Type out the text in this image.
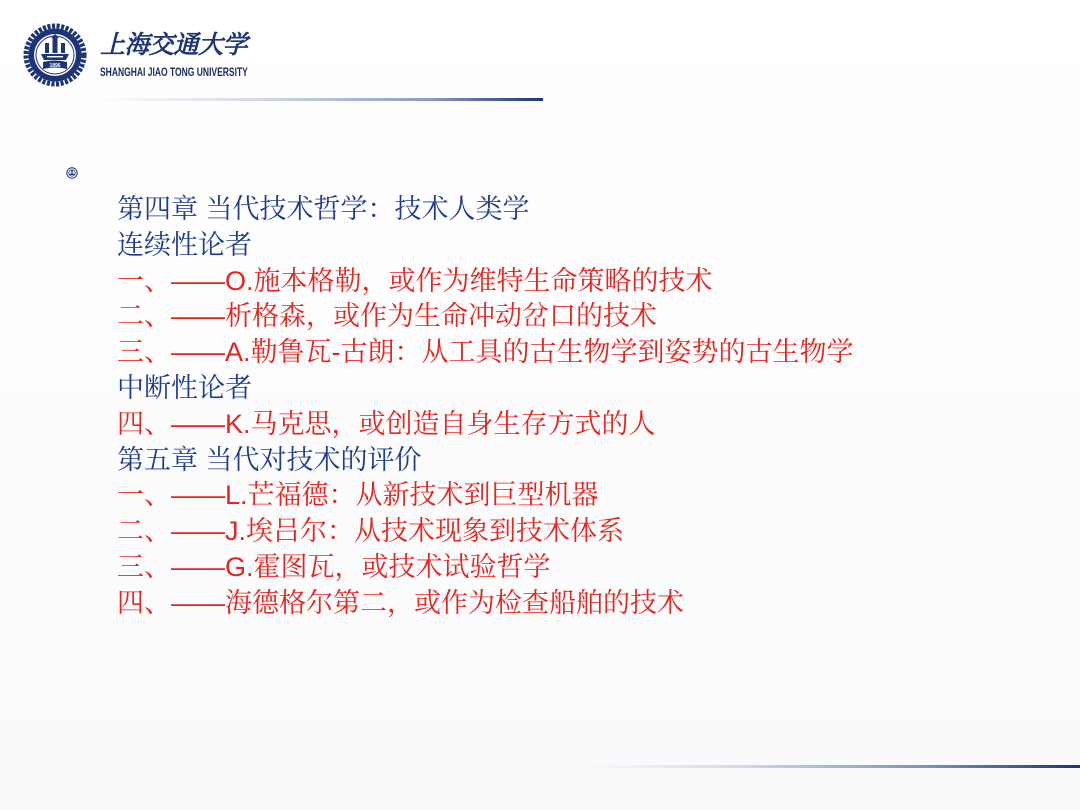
1896
上海交通大学
SHANGHAI JIAO TONG UNIVERSITY
第四章 当代技术哲学：技术人类学
连续性论者
一、——O.施本格勒，或作为维特生命策略的技术
二、——析格森，或作为生命冲动岔口的技术
三、——A.勒鲁瓦-古朗：从工具的古生物学到姿势的古生物学
中断性论者
四、——K.马克思，或创造自身生存方式的人
第五章 当代对技术的评价
一、——L.芒福德：从新技术到巨型机器
二、——J.埃吕尔：从技术现象到技术体系
三、——G.霍图瓦，或技术试验哲学
四、——海德格尔第二，或作为检查船舶的技术
